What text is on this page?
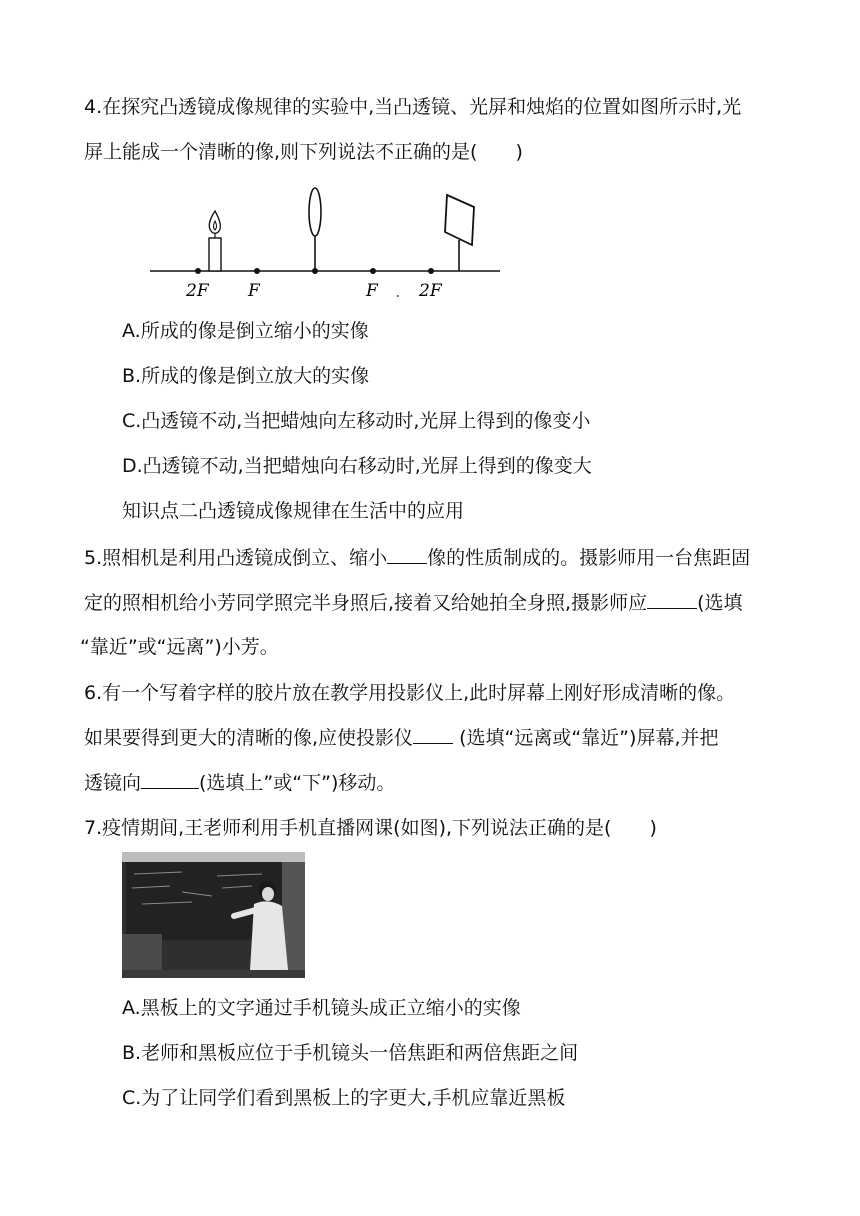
4.在探究凸透镜成像规律的实验中,当凸透镜、光屏和烛焰的位置如图所示时,光
屏上能成一个清晰的像,则下列说法不正确的是(　　)
2F F	F 2F
A.所成的像是倒立缩小的实像
B.所成的像是倒立放大的实像
C.凸透镜不动,当把蜡烛向左移动时,光屏上得到的像变小
D.凸透镜不动,当把蜡烛向右移动时,光屏上得到的像变大
知识点二凸透镜成像规律在生活中的应用
5.照相机是利用凸透镜成倒立、缩小 像的性质制成的。摄影师用一台焦距固
定的照相机给小芳同学照完半身照后,接着又给她拍全身照,摄影师应	(选填
“靠近”或“远离”)小芳。
6.有一个写着字样的胶片放在教学用投影仪上,此时屏幕上刚好形成清晰的像。
如果要得到更大的清晰的像,应使投影仪 (选填“远离或“靠近”)屏幕,并把
透镜向	(选填上”或“下”)移动。
7.疫情期间,王老师利用手机直播网课(如图),下列说法正确的是(　　)
A.黑板上的文字通过手机镜头成正立缩小的实像
B.老师和黑板应位于手机镜头一倍焦距和两倍焦距之间
C.为了让同学们看到黑板上的字更大,手机应靠近黑板
